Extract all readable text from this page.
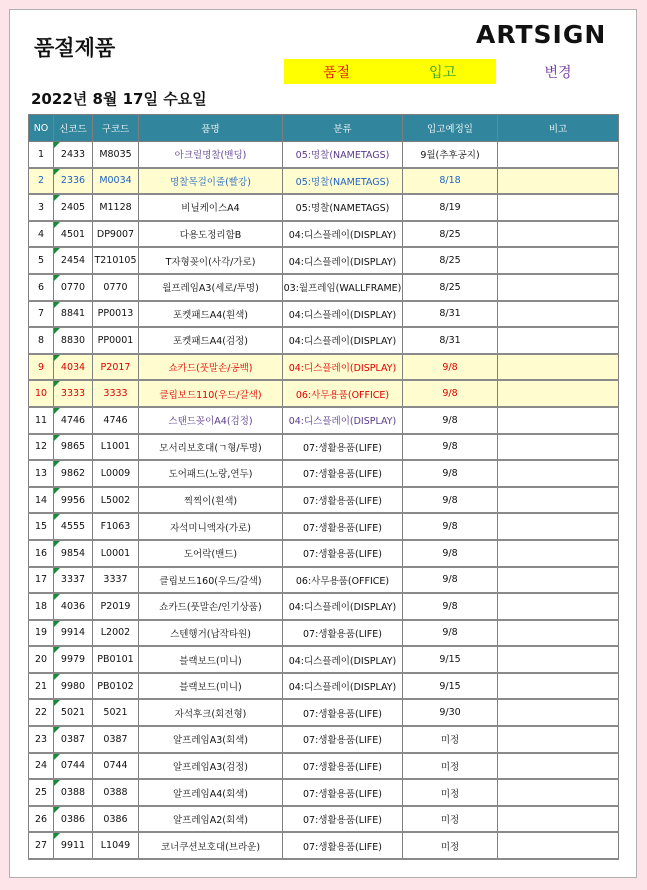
품절제품	ARTSIGN
품절	입고	변경
2022년 8월 17일 수요일
NO	신코드	구코드	품명	분류	입고예정일	비고
1	2433	M8035	아크릴명찰(밴딩)	05:명찰(NAMETAGS)	9월(추후공지)	
2	2336	M0034	명찰목걸이줄(빨강)	05:명찰(NAMETAGS)	8/18	
3	2405	M1128	비닐케이스A4	05:명찰(NAMETAGS)	8/19	
4	4501	DP9007	다용도정리함B	04:디스플레이(DISPLAY)	8/25	
5	2454	T210105	T자형꽂이(사각/가로)	04:디스플레이(DISPLAY)	8/25	
6	0770	0770	월프레임A3(세로/투명)	03:월프레임(WALLFRAME)	8/25	
7	8841	PP0013	포켓패드A4(흰색)	04:디스플레이(DISPLAY)	8/31	
8	8830	PP0001	포켓패드A4(검정)	04:디스플레이(DISPLAY)	8/31	
9	4034	P2017	쇼카드(풋말손/공백)	04:디스플레이(DISPLAY)	9/8	
10	3333	3333	클립보드110(우드/갈색)	06:사무용품(OFFICE)	9/8	
11	4746	4746	스탠드꽂이A4(검정)	04:디스플레이(DISPLAY)	9/8	
12	9865	L1001	모서리보호대(ㄱ형/투명)	07:생활용품(LIFE)	9/8	
13	9862	L0009	도어패드(노랑,연두)	07:생활용품(LIFE)	9/8	
14	9956	L5002	찍찍이(흰색)	07:생활용품(LIFE)	9/8	
15	4555	F1063	자석미니액자(가로)	07:생활용품(LIFE)	9/8	
16	9854	L0001	도어락(밴드)	07:생활용품(LIFE)	9/8	
17	3337	3337	클립보드160(우드/갈색)	06:사무용품(OFFICE)	9/8	
18	4036	P2019	쇼카드(풋말손/인기상품)	04:디스플레이(DISPLAY)	9/8	
19	9914	L2002	스텐행거(납작타원)	07:생활용품(LIFE)	9/8	
20	9979	PB0101	블랙보드(미니)	04:디스플레이(DISPLAY)	9/15	
21	9980	PB0102	블랙보드(미니)	04:디스플레이(DISPLAY)	9/15	
22	5021	5021	자석후크(회전형)	07:생활용품(LIFE)	9/30	
23	0387	0387	알프레임A3(회색)	07:생활용품(LIFE)	미정	
24	0744	0744	알프레임A3(검정)	07:생활용품(LIFE)	미정	
25	0388	0388	알프레임A4(회색)	07:생활용품(LIFE)	미정	
26	0386	0386	알프레임A2(회색)	07:생활용품(LIFE)	미정	
27	9911	L1049	코너쿠션보호대(브라운)	07:생활용품(LIFE)	미정	
